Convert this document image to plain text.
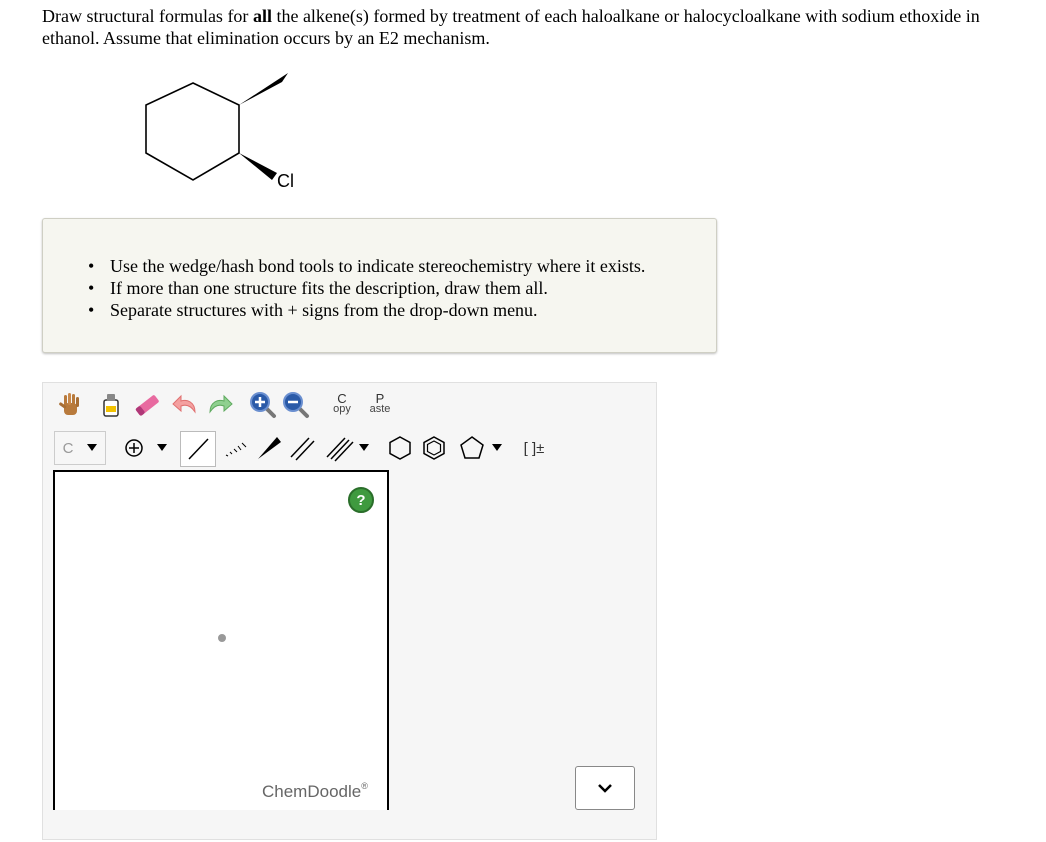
Draw structural formulas for all the alkene(s) formed by treatment of each haloalkane or halocycloalkane with sodium ethoxide in ethanol. Assume that elimination occurs by an E2 mechanism.
Cl
• Use the wedge/hash bond tools to indicate stereochemistry where it exists.
• If more than one structure fits the description, draw them all.
• Separate structures with + signs from the drop-down menu.
C
opy
P
aste
C	[ ]±
?
ChemDoodle®
